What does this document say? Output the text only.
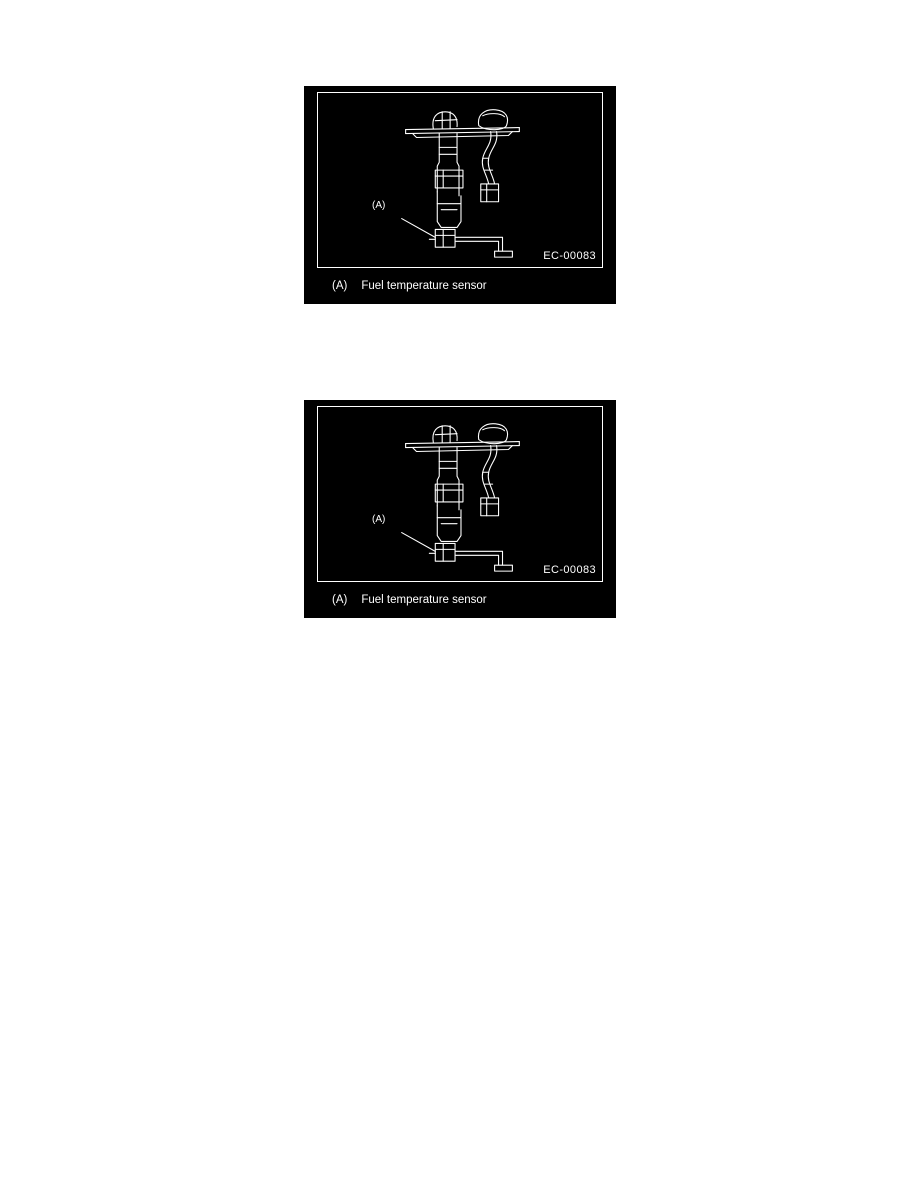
(A)
EC-00083
(A) Fuel temperature sensor
(A)
EC-00083
(A) Fuel temperature sensor
